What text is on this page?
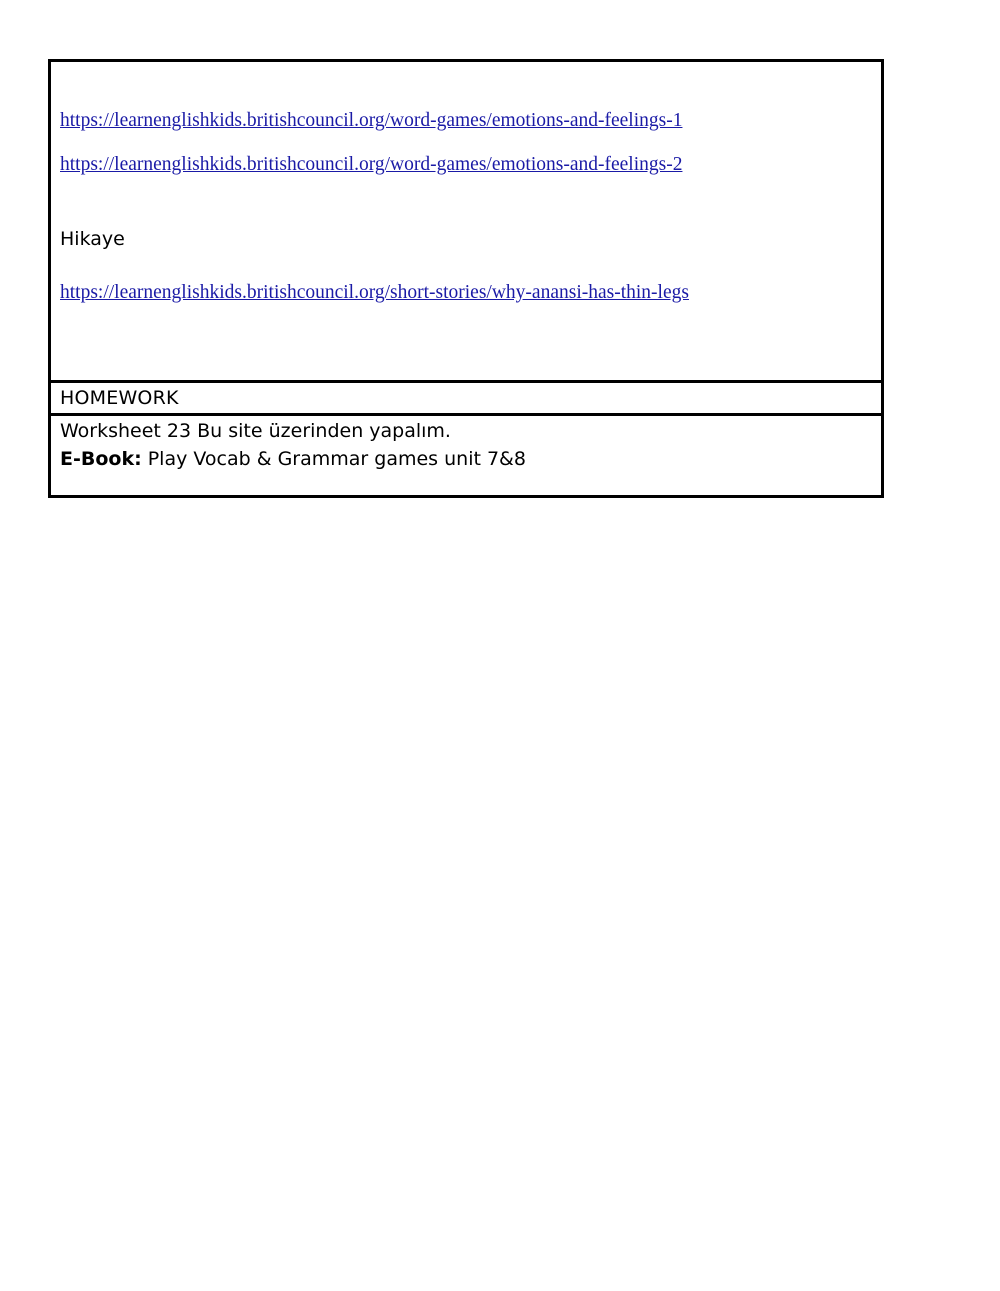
https://learnenglishkids.britishcouncil.org/word-games/emotions-and-feelings-1
https://learnenglishkids.britishcouncil.org/word-games/emotions-and-feelings-2
Hikaye
https://learnenglishkids.britishcouncil.org/short-stories/why-anansi-has-thin-legs
HOMEWORK
Worksheet 23 Bu site üzerinden yapalım.
E-Book: Play Vocab & Grammar games unit 7&8
